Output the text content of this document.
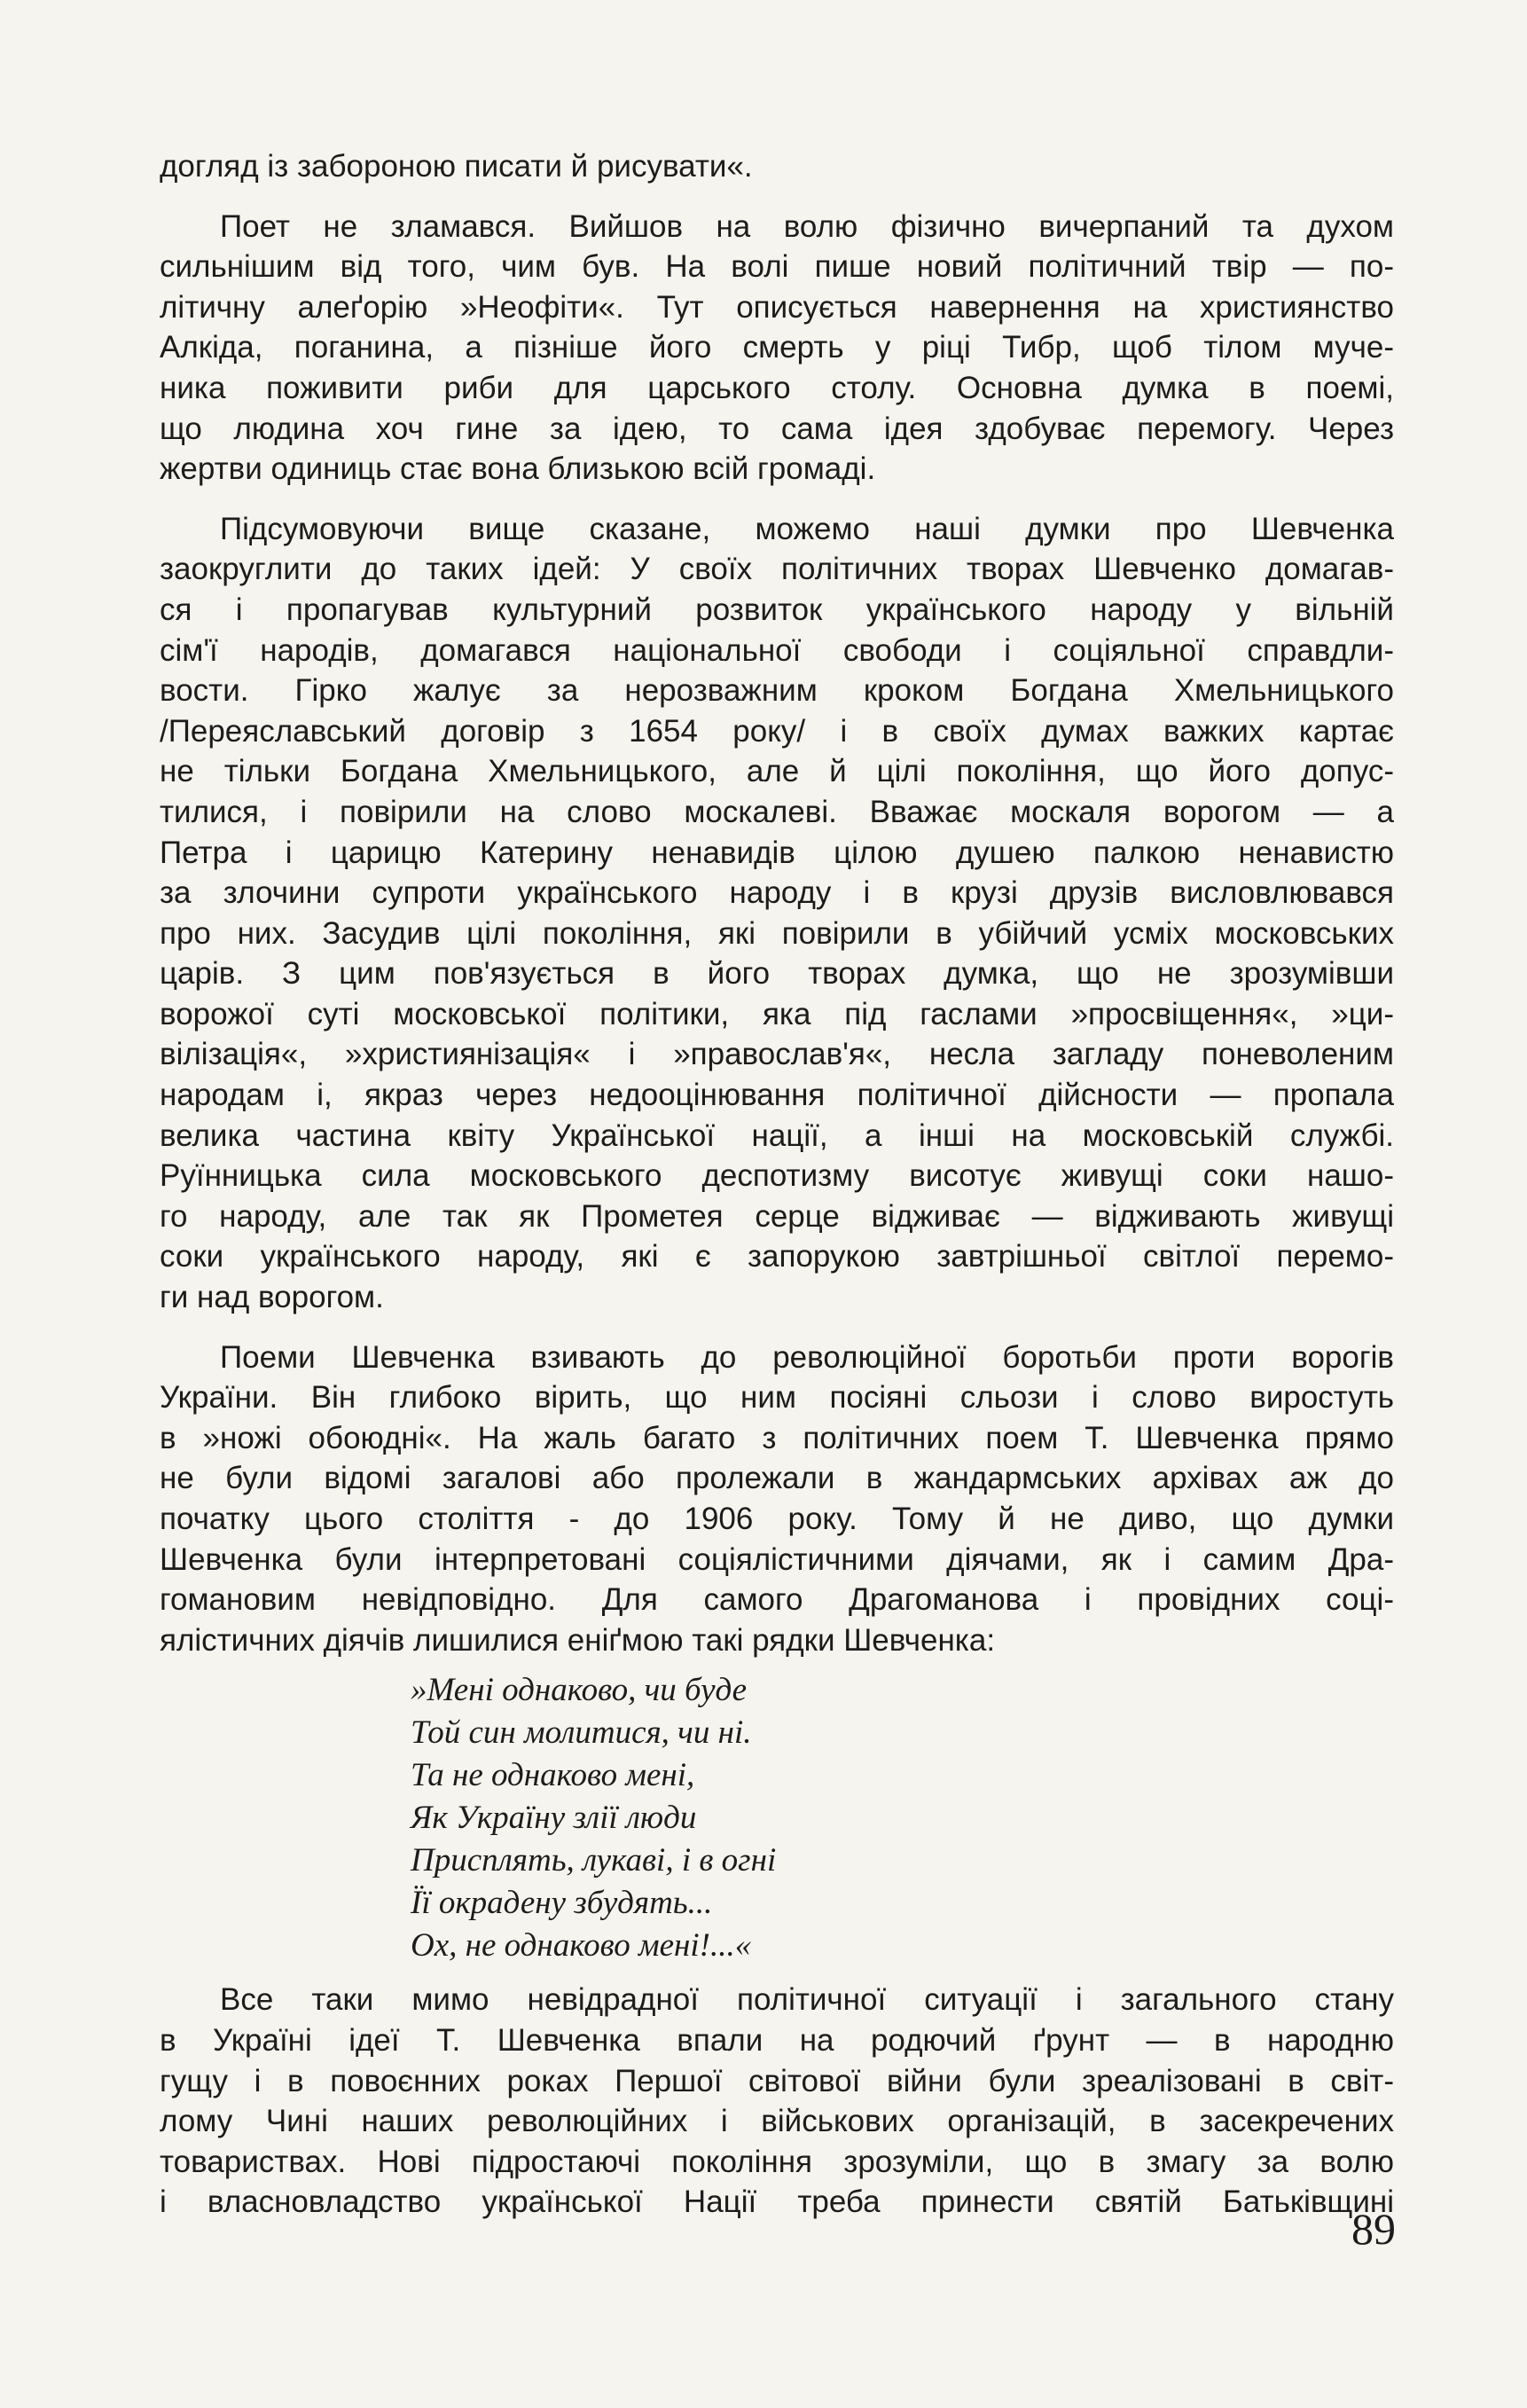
догляд із забороною писати й рисувати«.
Поет не зламався. Вийшов на волю фізично вичерпаний та духом
сильнішим від того, чим був. На волі пише новий політичний твір — по-
літичну алеґорію »Неофіти«. Тут описується навернення на християнство
Алкіда, поганина, а пізніше його смерть у ріці Тибр, щоб тілом муче-
ника поживити риби для царського столу. Основна думка в поемі,
що людина хоч гине за ідею, то сама ідея здобуває перемогу. Через
жертви одиниць стає вона близькою всій громаді.
Підсумовуючи вище сказане, можемо наші думки про Шевченка
заокруглити до таких ідей: У своїх політичних творах Шевченко домагав-
ся і пропагував культурний розвиток українського народу у вільній
сім'ї народів, домагався національної свободи і соціяльної справдли-
вости. Гірко жалує за нерозважним кроком Богдана Хмельницького
/Переяславський договір з 1654 року/ і в своїх думах важких картає
не тільки Богдана Хмельницького, але й цілі покоління, що його допус-
тилися, і повірили на слово москалеві. Вважає москаля ворогом — а
Петра і царицю Катерину ненавидів цілою душею палкою ненавистю
за злочини супроти українського народу і в крузі друзів висловлювався
про них. Засудив цілі покоління, які повірили в убійчий усміх московських
царів. З цим пов'язується в його творах думка, що не зрозумівши
ворожої суті московської політики, яка під гаслами »просвіщення«, »ци-
вілізація«, »християнізація« і »православ'я«, несла загладу поневоленим
народам і, якраз через недооцінювання політичної дійсности — пропала
велика частина квіту Української нації, а інші на московській службі.
Руїнницька сила московського деспотизму висотує живущі соки нашо-
го народу, але так як Прометея серце відживає — відживають живущі
соки українського народу, які є запорукою завтрішньої світлої перемо-
ги над ворогом.
Поеми Шевченка взивають до революційної боротьби проти ворогів
України. Він глибоко вірить, що ним посіяні сльози і слово виростуть
в »ножі обоюдні«. На жаль багато з політичних поем Т. Шевченка прямо
не були відомі загалові або пролежали в жандармських архівах аж до
початку цього століття - до 1906 року. Тому й не диво, що думки
Шевченка були інтерпретовані соціялістичними діячами, як і самим Дра-
гомановим невідповідно. Для самого Драгоманова і провідних соці-
ялістичних діячів лишилися еніґмою такі рядки Шевченка:
»Мені однаково, чи буде
Той син молитися, чи ні.
Та не однаково мені,
Як Україну злії люди
Присплять, лукаві, і в огні
Її окрадену збудять...
Ох, не однаково мені!...«
Все таки мимо невідрадної політичної ситуації і загального стану
в Україні ідеї Т. Шевченка впали на родючий ґрунт — в народню
гущу і в повоєнних роках Першої світової війни були зреалізовані в світ-
лому Чині наших революційних і військових організацій, в засекречених
товариствах. Нові підростаючі покоління зрозуміли, що в змагу за волю
і власновладство української Нації треба принести святій Батьківщині
89
